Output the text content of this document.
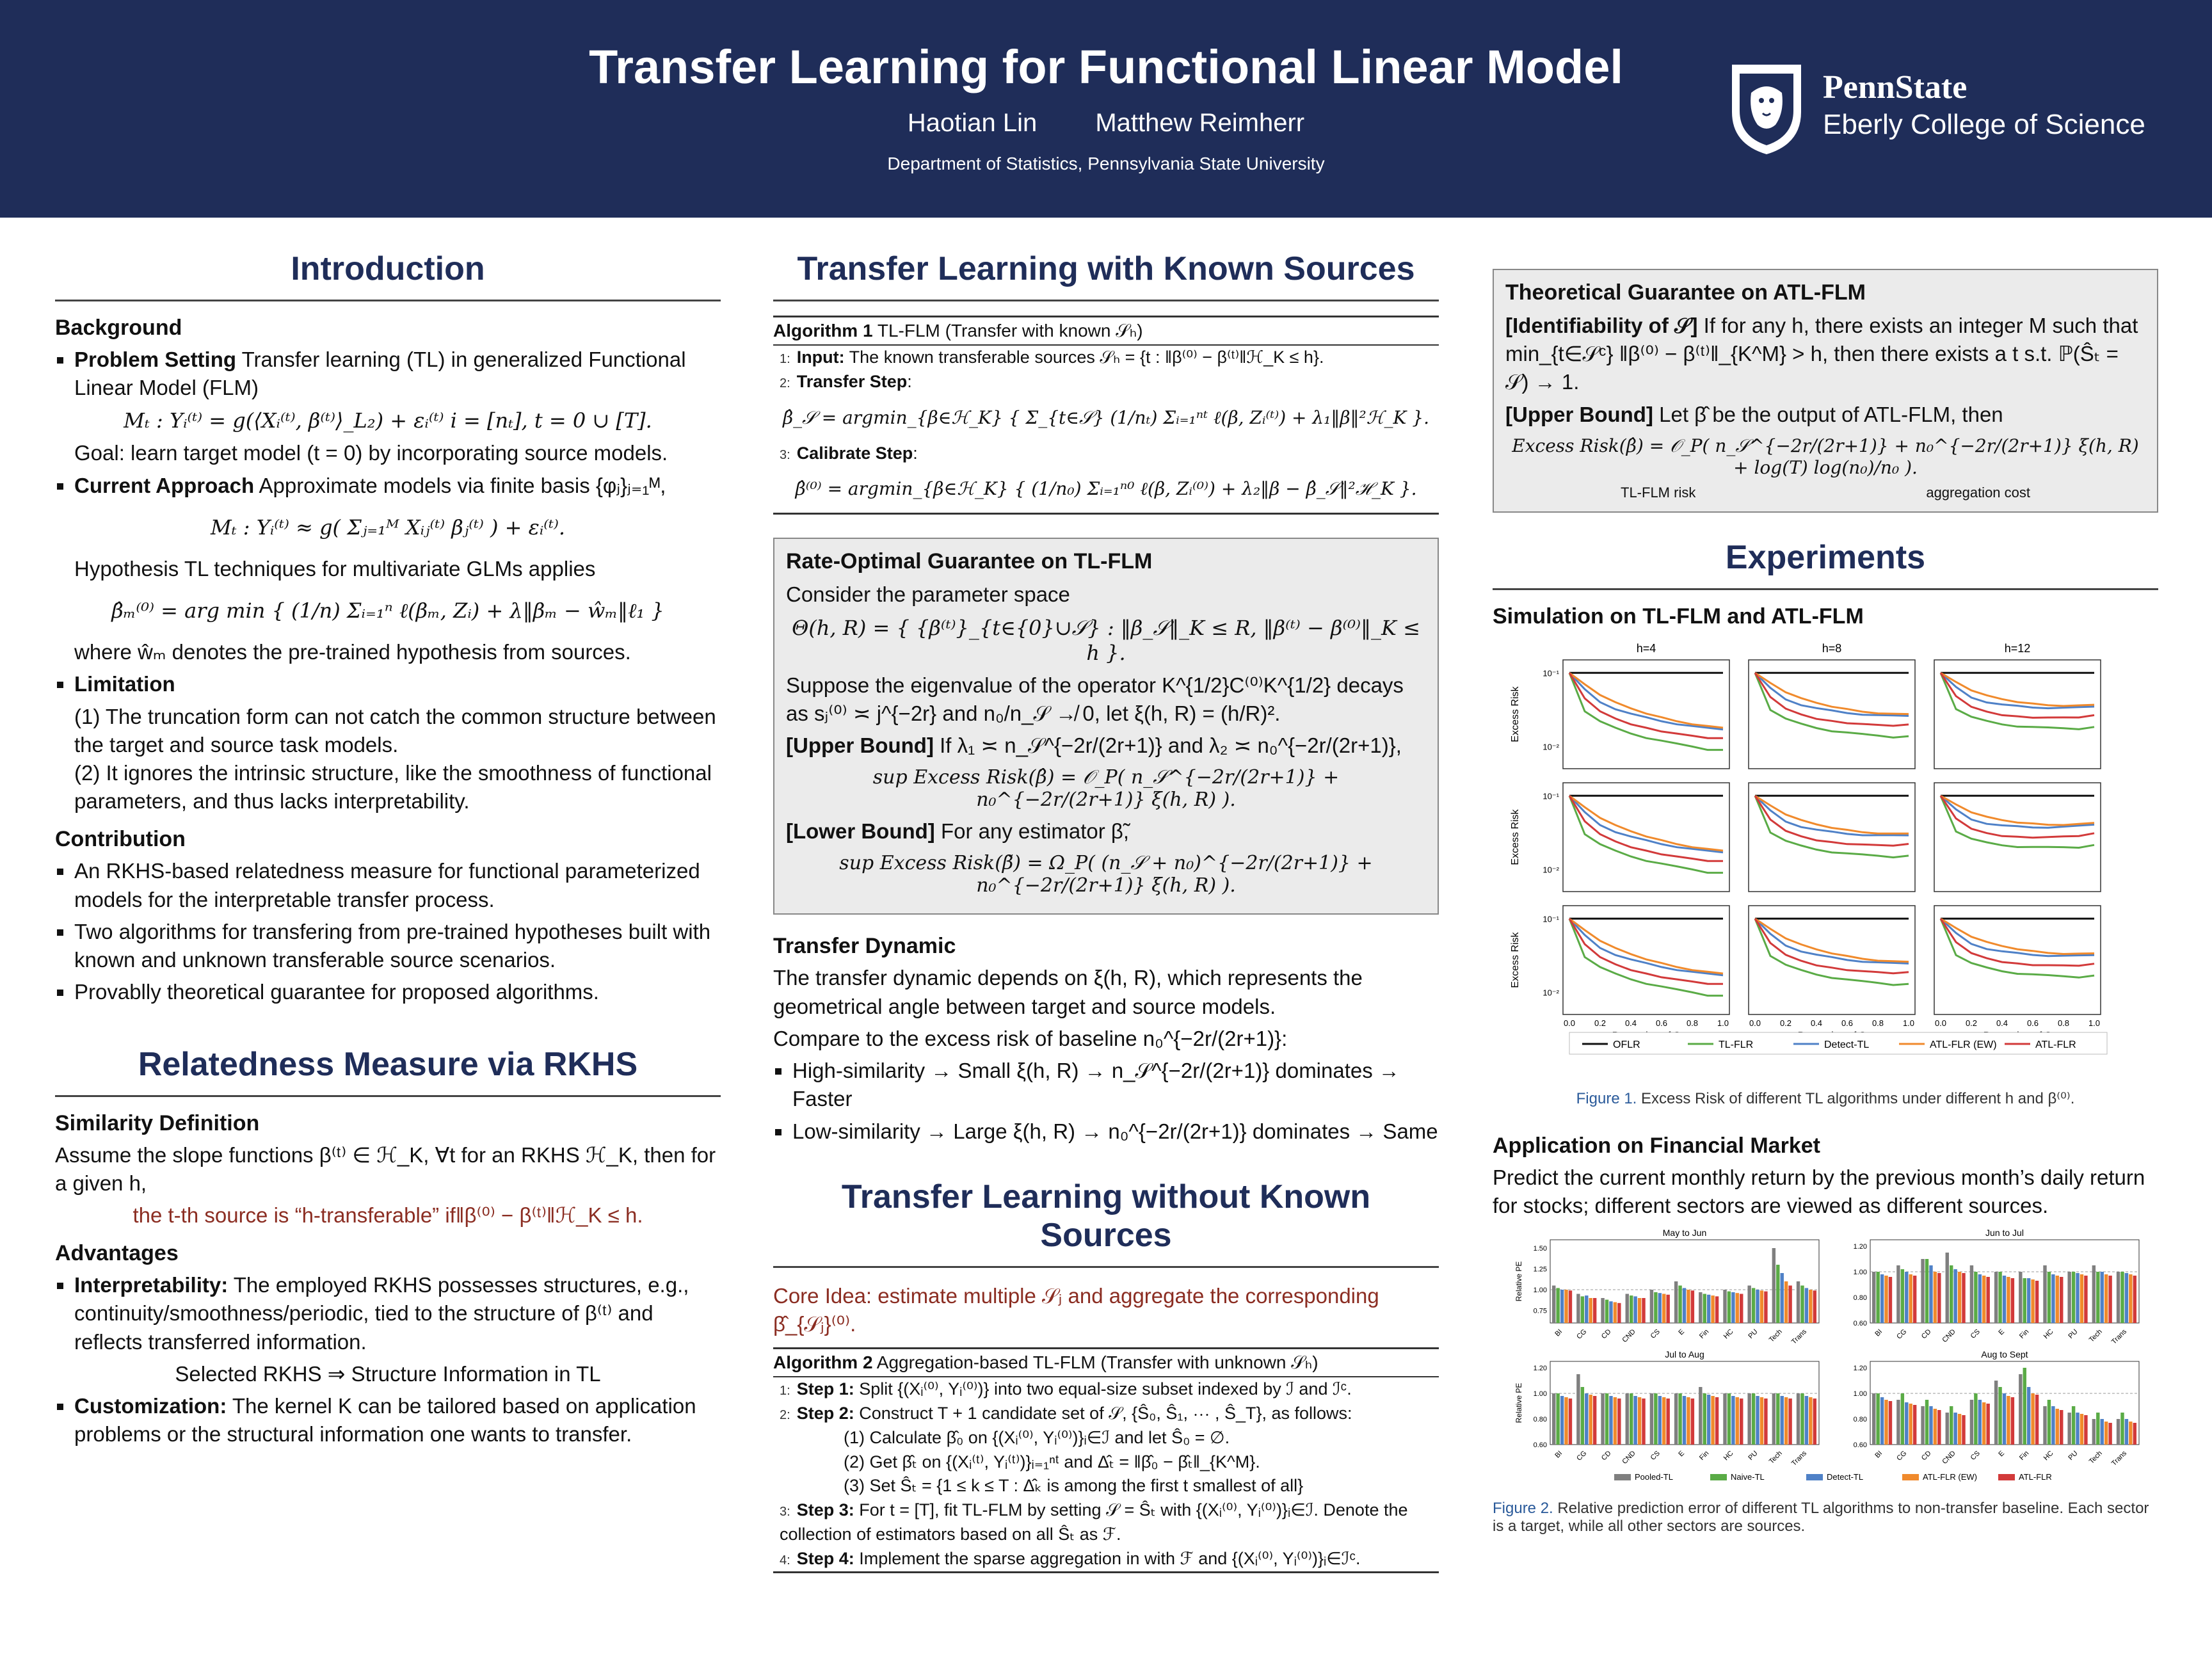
Transfer Learning for Functional Linear Model
Haotian Lin Matthew Reimherr
Department of Statistics, Pennsylvania State University
PennState
Eberly College of Science
Introduction
Background
▪ Problem Setting Transfer learning (TL) in generalized Functional Linear Model (FLM)
Mₜ : Yᵢ⁽ᵗ⁾ = g(⟨Xᵢ⁽ᵗ⁾, β⁽ᵗ⁾⟩_L₂) + εᵢ⁽ᵗ⁾ i = [nₜ], t = 0 ∪ [T].

Goal: learn target model (t = 0) by incorporating source models.

▪ Current Approach Approximate models via finite basis {φⱼ}ⱼ₌₁ᴹ,
Mₜ : Yᵢ⁽ᵗ⁾ ≈ g( Σⱼ₌₁ᴹ Xᵢⱼ⁽ᵗ⁾ βⱼ⁽ᵗ⁾ ) + εᵢ⁽ᵗ⁾.

Hypothesis TL techniques for multivariate GLMs applies

β̂ₘ⁽⁰⁾ = arg min { (1/n) Σᵢ₌₁ⁿ ℓ(βₘ, Zᵢ) + λ‖βₘ − ŵₘ‖ℓ₁ }

where ŵₘ denotes the pre-trained hypothesis from sources.

▪ Limitation

(1) The truncation form can not catch the common structure between the target and source task models.

(2) It ignores the intrinsic structure, like the smoothness of functional parameters, and thus lacks interpretability.

Contribution
▪ An RKHS-based relatedness measure for functional parameterized models for the interpretable transfer process.
▪ Two algorithms for transfering from pre-trained hypotheses built with known and unknown transferable source scenarios.
▪ Provablly theoretical guarantee for proposed algorithms.
Relatedness Measure via RKHS
Similarity Definition

Assume the slope functions β⁽ᵗ⁾ ∈ ℋ_K, ∀t for an RKHS ℋ_K, then for a given h,

the t-th source is “h-transferable” if‖β⁽⁰⁾ − β⁽ᵗ⁾‖ℋ_K ≤ h.

Advantages
▪ Interpretability: The employed RKHS possesses structures, e.g., continuity/smoothness/periodic, tied to the structure of β⁽ᵗ⁾ and reflects transferred information.

Selected RKHS ⇒ Structure Information in TL

▪ Customization: The kernel K can be tailored based on application problems or the structural information one wants to transfer.
Transfer Learning with Known Sources
Algorithm 1 TL-FLM (Transfer with known 𝒮ₕ)
1: Input: The known transferable sources 𝒮ₕ = {t : ‖β⁽⁰⁾ − β⁽ᵗ⁾‖ℋ_K ≤ h}.
2: Transfer Step:
β̂_𝒮 = argmin_{β∈ℋ_K} { Σ_{t∈𝒮} (1/nₜ) Σᵢ₌₁ⁿᵗ ℓ(β, Zᵢ⁽ᵗ⁾) + λ₁‖β‖²ℋ_K }.
3: Calibrate Step:
β̂⁽⁰⁾ = argmin_{β∈ℋ_K} { (1/n₀) Σᵢ₌₁ⁿ⁰ ℓ(β, Zᵢ⁽⁰⁾) + λ₂‖β − β̂_𝒮‖²ℋ_K }.
Rate-Optimal Guarantee on TL-FLM

Consider the parameter space

Θ(h, R) = { {β⁽ᵗ⁾}_{t∈{0}∪𝒮} : ‖β_𝒮‖_K ≤ R, ‖β⁽ᵗ⁾ − β⁽⁰⁾‖_K ≤ h }.

Suppose the eigenvalue of the operator K^{1/2}C⁽⁰⁾K^{1/2} decays as sⱼ⁽⁰⁾ ≍ j^{−2r} and n₀/n_𝒮 ↛ 0, let ξ(h, R) = (h/R)².

[Upper Bound] If λ₁ ≍ n_𝒮^{−2r/(2r+1)} and λ₂ ≍ n₀^{−2r/(2r+1)},

sup Excess Risk(β̂) = 𝒪_P( n_𝒮^{−2r/(2r+1)} + n₀^{−2r/(2r+1)} ξ(h, R) ).

[Lower Bound] For any estimator β̃,

sup Excess Risk(β̃) = Ω_P( (n_𝒮 + n₀)^{−2r/(2r+1)} + n₀^{−2r/(2r+1)} ξ(h, R) ).
Transfer Dynamic

The transfer dynamic depends on ξ(h, R), which represents the geometrical angle between target and source models.

Compare to the excess risk of baseline n₀^{−2r/(2r+1)}:

▪ High-similarity → Small ξ(h, R) → n_𝒮^{−2r/(2r+1)} dominates → Faster
▪ Low-similarity → Large ξ(h, R) → n₀^{−2r/(2r+1)} dominates → Same
Transfer Learning without Known Sources

Core Idea: estimate multiple 𝒮ⱼ and aggregate the corresponding β̂_{𝒮ⱼ}⁽⁰⁾.

Algorithm 2 Aggregation-based TL-FLM (Transfer with unknown 𝒮ₕ)
1: Step 1: Split {(Xᵢ⁽⁰⁾, Yᵢ⁽⁰⁾)} into two equal-size subset indexed by ℐ and ℐᶜ.
2: Step 2: Construct T + 1 candidate set of 𝒮, {Ŝ₀, Ŝ₁, ⋯ , Ŝ_T}, as follows:
(1) Calculate β̂₀ on {(Xᵢ⁽⁰⁾, Yᵢ⁽⁰⁾)}ᵢ∈ℐ and let Ŝ₀ = ∅.
(2) Get β̂ₜ on {(Xᵢ⁽ᵗ⁾, Yᵢ⁽ᵗ⁾)}ᵢ₌₁ⁿᵗ and Δ̂ₜ = ‖β̂₀ − β̂ₜ‖_{K^M}.
(3) Set Ŝₜ = {1 ≤ k ≤ T : Δ̂ₖ is among the first t smallest of all}
3: Step 3: For t = [T], fit TL-FLM by setting 𝒮 = Ŝₜ with {(Xᵢ⁽⁰⁾, Yᵢ⁽⁰⁾)}ᵢ∈ℐ. Denote the collection of estimators based on all Ŝₜ as ℱ.
4: Step 4: Implement the sparse aggregation in with ℱ and {(Xᵢ⁽⁰⁾, Yᵢ⁽⁰⁾)}ᵢ∈ℐᶜ.
Theoretical Guarantee on ATL-FLM

[Identifiability of 𝒮] If for any h, there exists an integer M such that min_{t∈𝒮ᶜ} ‖β⁽⁰⁾ − β⁽ᵗ⁾‖_{K^M} > h, then there exists a t s.t. ℙ(Ŝₜ = 𝒮) → 1.

[Upper Bound] Let β̂ be the output of ATL-FLM, then

Excess Risk(β̂) = 𝒪_P( n_𝒮^{−2r/(2r+1)} + n₀^{−2r/(2r+1)} ξ(h, R) + log(T) log(n₀)/n₀ ).
TL-FLM risk	aggregation cost
Experiments
Simulation on TL-FLM and ATL-FLM
h=4	h=8	h=12
10⁻¹
10⁻²
Excess Risk
10⁻¹
10⁻²
Excess Risk
10⁻¹
10⁻²
Excess Risk
0.0 0.2 0.4 0.6 0.8 1.0 0.0 0.2 0.4 0.6 0.8 1.0 0.0 0.2 0.4 0.6 0.8 1.0
OFLR	TL-FLR	Detect-TL	ATL-FLR (EW)	ATL-FLR
Figure 1. Excess Risk of different TL algorithms under different h and β⁽⁰⁾.
Application on Financial Market

Predict the current monthly return by the previous month’s daily return for stocks; different sectors are viewed as different sources.

May to Jun
0.75
1.00
1.25
1.50
BI CG CD CND CS E Fin HC PU Tech Trans
Relative PE
Jun to Jul
0.60
0.80
1.00
1.20
BI CG CD CND CS E Fin HC PU Tech Trans
Jul to Aug
0.60
0.80
1.00
1.20
BI CG CD CND CS E Fin HC PU Tech Trans
Relative PE
Aug to Sept
0.60
0.80
1.00
1.20
BI CG CD CND CS E Fin HC PU Tech Trans
Pooled-TL	Naive-TL	Detect-TL	ATL-FLR (EW)	ATL-FLR
Figure 2. Relative prediction error of different TL algorithms to non-transfer baseline. Each sector is a target, while all other sectors are sources.
